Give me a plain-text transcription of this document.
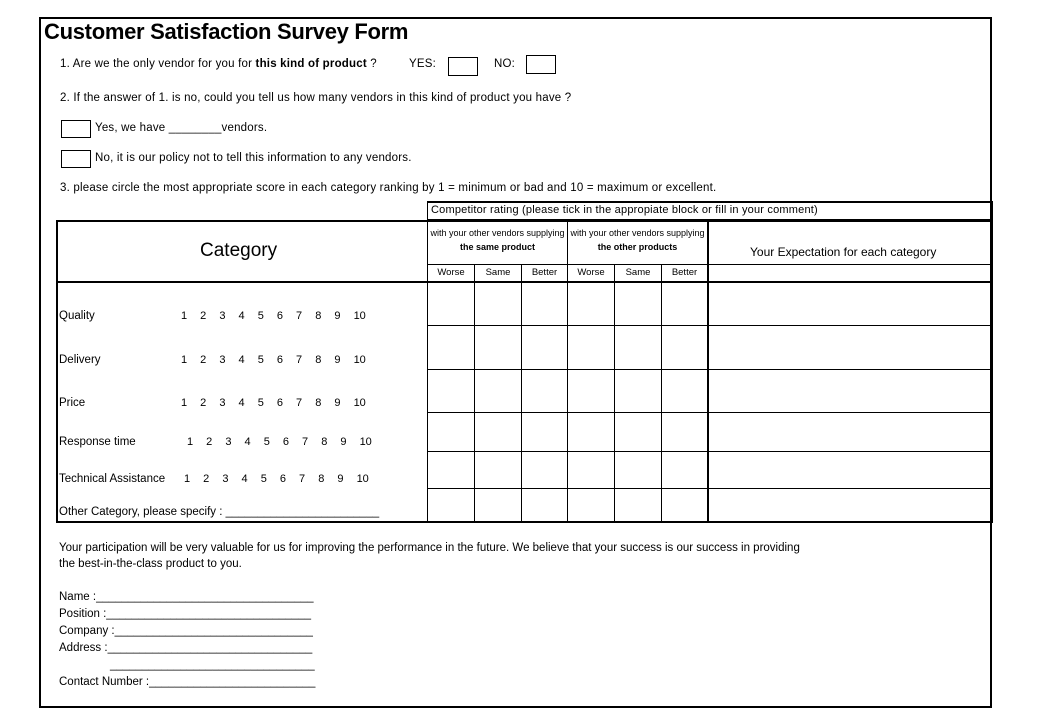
Customer Satisfaction Survey Form
1. Are we the only vendor for you for this kind of product ?	YES:	NO:
2. If the answer of 1. is no, could you tell us how many vendors in this kind of product you have ?
Yes, we have ________vendors.
No, it is our policy not to tell this information to any vendors.
3. please circle the most appropriate score in each category ranking by 1 = minimum or bad and 10 = maximum or excellent.
Competitor rating (please tick in the appropiate block or fill in your comment)
Category
with your other vendors supplying the same product
with your other vendors supplying the other products	Your Expectation for each category
Worse	Same	Better	Worse	Same	Better
Quality	1 2 3 4 5 6 7 8 9 10
Delivery	1 2 3 4 5 6 7 8 9 10
Price	1 2 3 4 5 6 7 8 9 10
Response time	1 2 3 4 5 6 7 8 9 10
Technical Assistance 1 2 3 4 5 6 7 8 9 10
Other Category, please specify : ________________________
Your participation will be very valuable for us for improving the performance in the future. We believe that your success is our success in providing
the best-in-the-class product to you.
Name :__________________________________
Position :________________________________
Company :_______________________________
Address :________________________________
________________________________
Contact Number :__________________________
